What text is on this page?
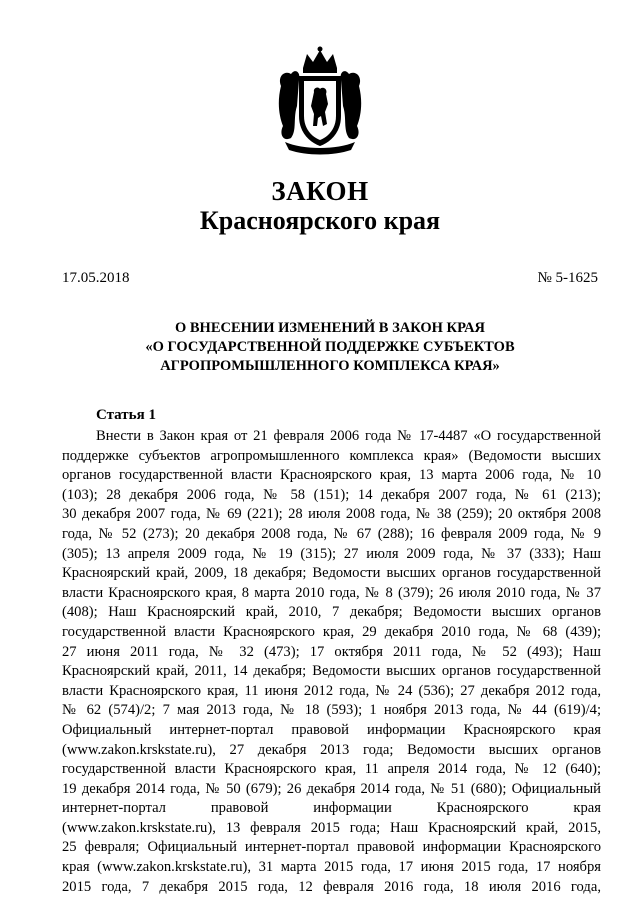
ЗАКОН
Красноярского края
17.05.2018	№ 5-1625
О ВНЕСЕНИИ ИЗМЕНЕНИЙ В ЗАКОН КРАЯ
«О ГОСУДАРСТВЕННОЙ ПОДДЕРЖКЕ СУБЪЕКТОВ
АГРОПРОМЫШЛЕННОГО КОМПЛЕКСА КРАЯ»
Статья 1
Внести в Закон края от 21 февраля 2006 года № 17-4487 «О государственной
поддержке субъектов агропромышленного комплекса края» (Ведомости высших
органов государственной власти Красноярского края, 13 марта 2006 года, № 10
(103); 28 декабря 2006 года, № 58 (151); 14 декабря 2007 года, № 61 (213);
30 декабря 2007 года, № 69 (221); 28 июля 2008 года, № 38 (259); 20 октября 2008
года, № 52 (273); 20 декабря 2008 года, № 67 (288); 16 февраля 2009 года, № 9
(305); 13 апреля 2009 года, № 19 (315); 27 июля 2009 года, № 37 (333); Наш
Красноярский край, 2009, 18 декабря; Ведомости высших органов государственной
власти Красноярского края, 8 марта 2010 года, № 8 (379); 26 июля 2010 года, № 37
(408); Наш Красноярский край, 2010, 7 декабря; Ведомости высших органов
государственной власти Красноярского края, 29 декабря 2010 года, № 68 (439);
27 июня 2011 года, № 32 (473); 17 октября 2011 года, № 52 (493); Наш
Красноярский край, 2011, 14 декабря; Ведомости высших органов государственной
власти Красноярского края, 11 июня 2012 года, № 24 (536); 27 декабря 2012 года,
№ 62 (574)/2; 7 мая 2013 года, № 18 (593); 1 ноября 2013 года, № 44 (619)/4;
Официальный интернет-портал правовой информации Красноярского края
(www.zakon.krskstate.ru), 27 декабря 2013 года; Ведомости высших органов
государственной власти Красноярского края, 11 апреля 2014 года, № 12 (640);
19 декабря 2014 года, № 50 (679); 26 декабря 2014 года, № 51 (680); Официальный
интернет-портал правовой информации Красноярского края
(www.zakon.krskstate.ru), 13 февраля 2015 года; Наш Красноярский край, 2015,
25 февраля; Официальный интернет-портал правовой информации Красноярского
края (www.zakon.krskstate.ru), 31 марта 2015 года, 17 июня 2015 года, 17 ноября
2015 года, 7 декабря 2015 года, 12 февраля 2016 года, 18 июля 2016 года,
